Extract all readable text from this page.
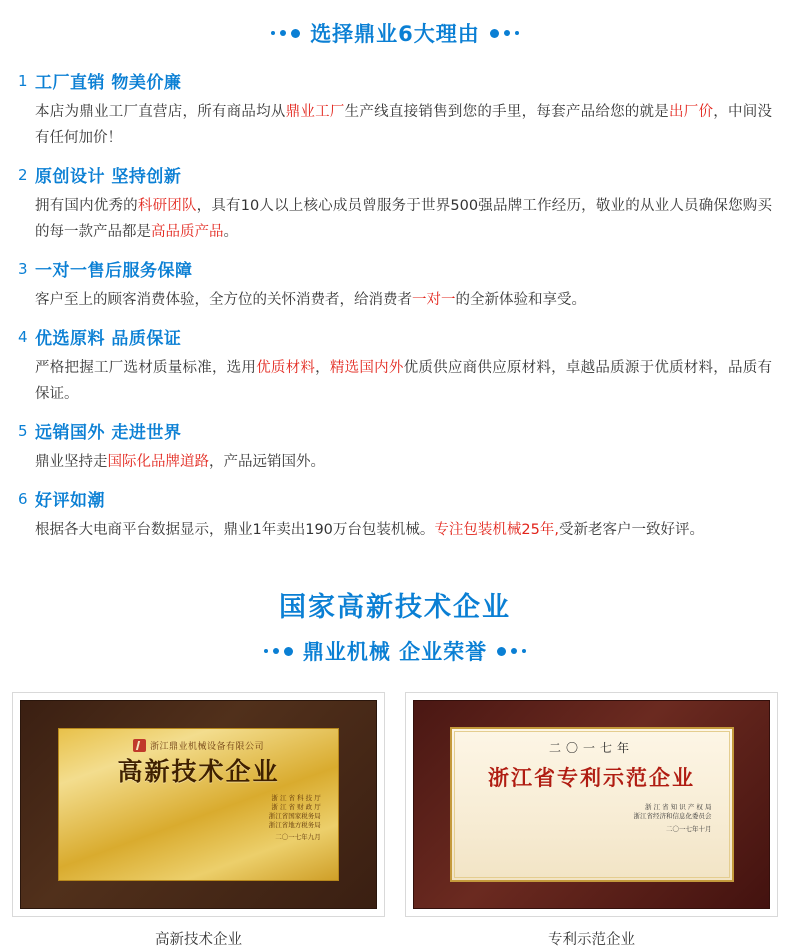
选择鼎业6大理由
1 工厂直销 物美价廉
本店为鼎业工厂直营店，所有商品均从鼎业工厂生产线直接销售到您的手里，每套产品给您的就是出厂价，中间没有任何加价！
2 原创设计 坚持创新
拥有国内优秀的科研团队，具有10人以上核心成员曾服务于世界500强品牌工作经历，敬业的从业人员确保您购买的每一款产品都是高品质产品。
3 一对一售后服务保障
客户至上的顾客消费体验，全方位的关怀消费者，给消费者一对一的全新体验和享受。
4 优选原料 品质保证
严格把握工厂选材质量标准，选用优质材料，精选国内外优质供应商供应原材料，卓越品质源于优质材料，品质有保证。
5 远销国外 走进世界
鼎业坚持走国际化品牌道路，产品远销国外。
6 好评如潮
根据各大电商平台数据显示，鼎业1年卖出190万台包装机械。专注包装机械25年,受新老客户一致好评。
国家高新技术企业
鼎业机械 企业荣誉
浙江鼎业机械设备有限公司
高新技术企业
浙 江 省 科 技 厅
浙 江 省 财 政 厅
浙江省国家税务局
浙江省地方税务局
二〇一七年九月
高新技术企业
二〇一七年
浙江省专利示范企业
浙 江 省 知 识 产 权 局
浙江省经济和信息化委员会
二〇一七年十月
专利示范企业
